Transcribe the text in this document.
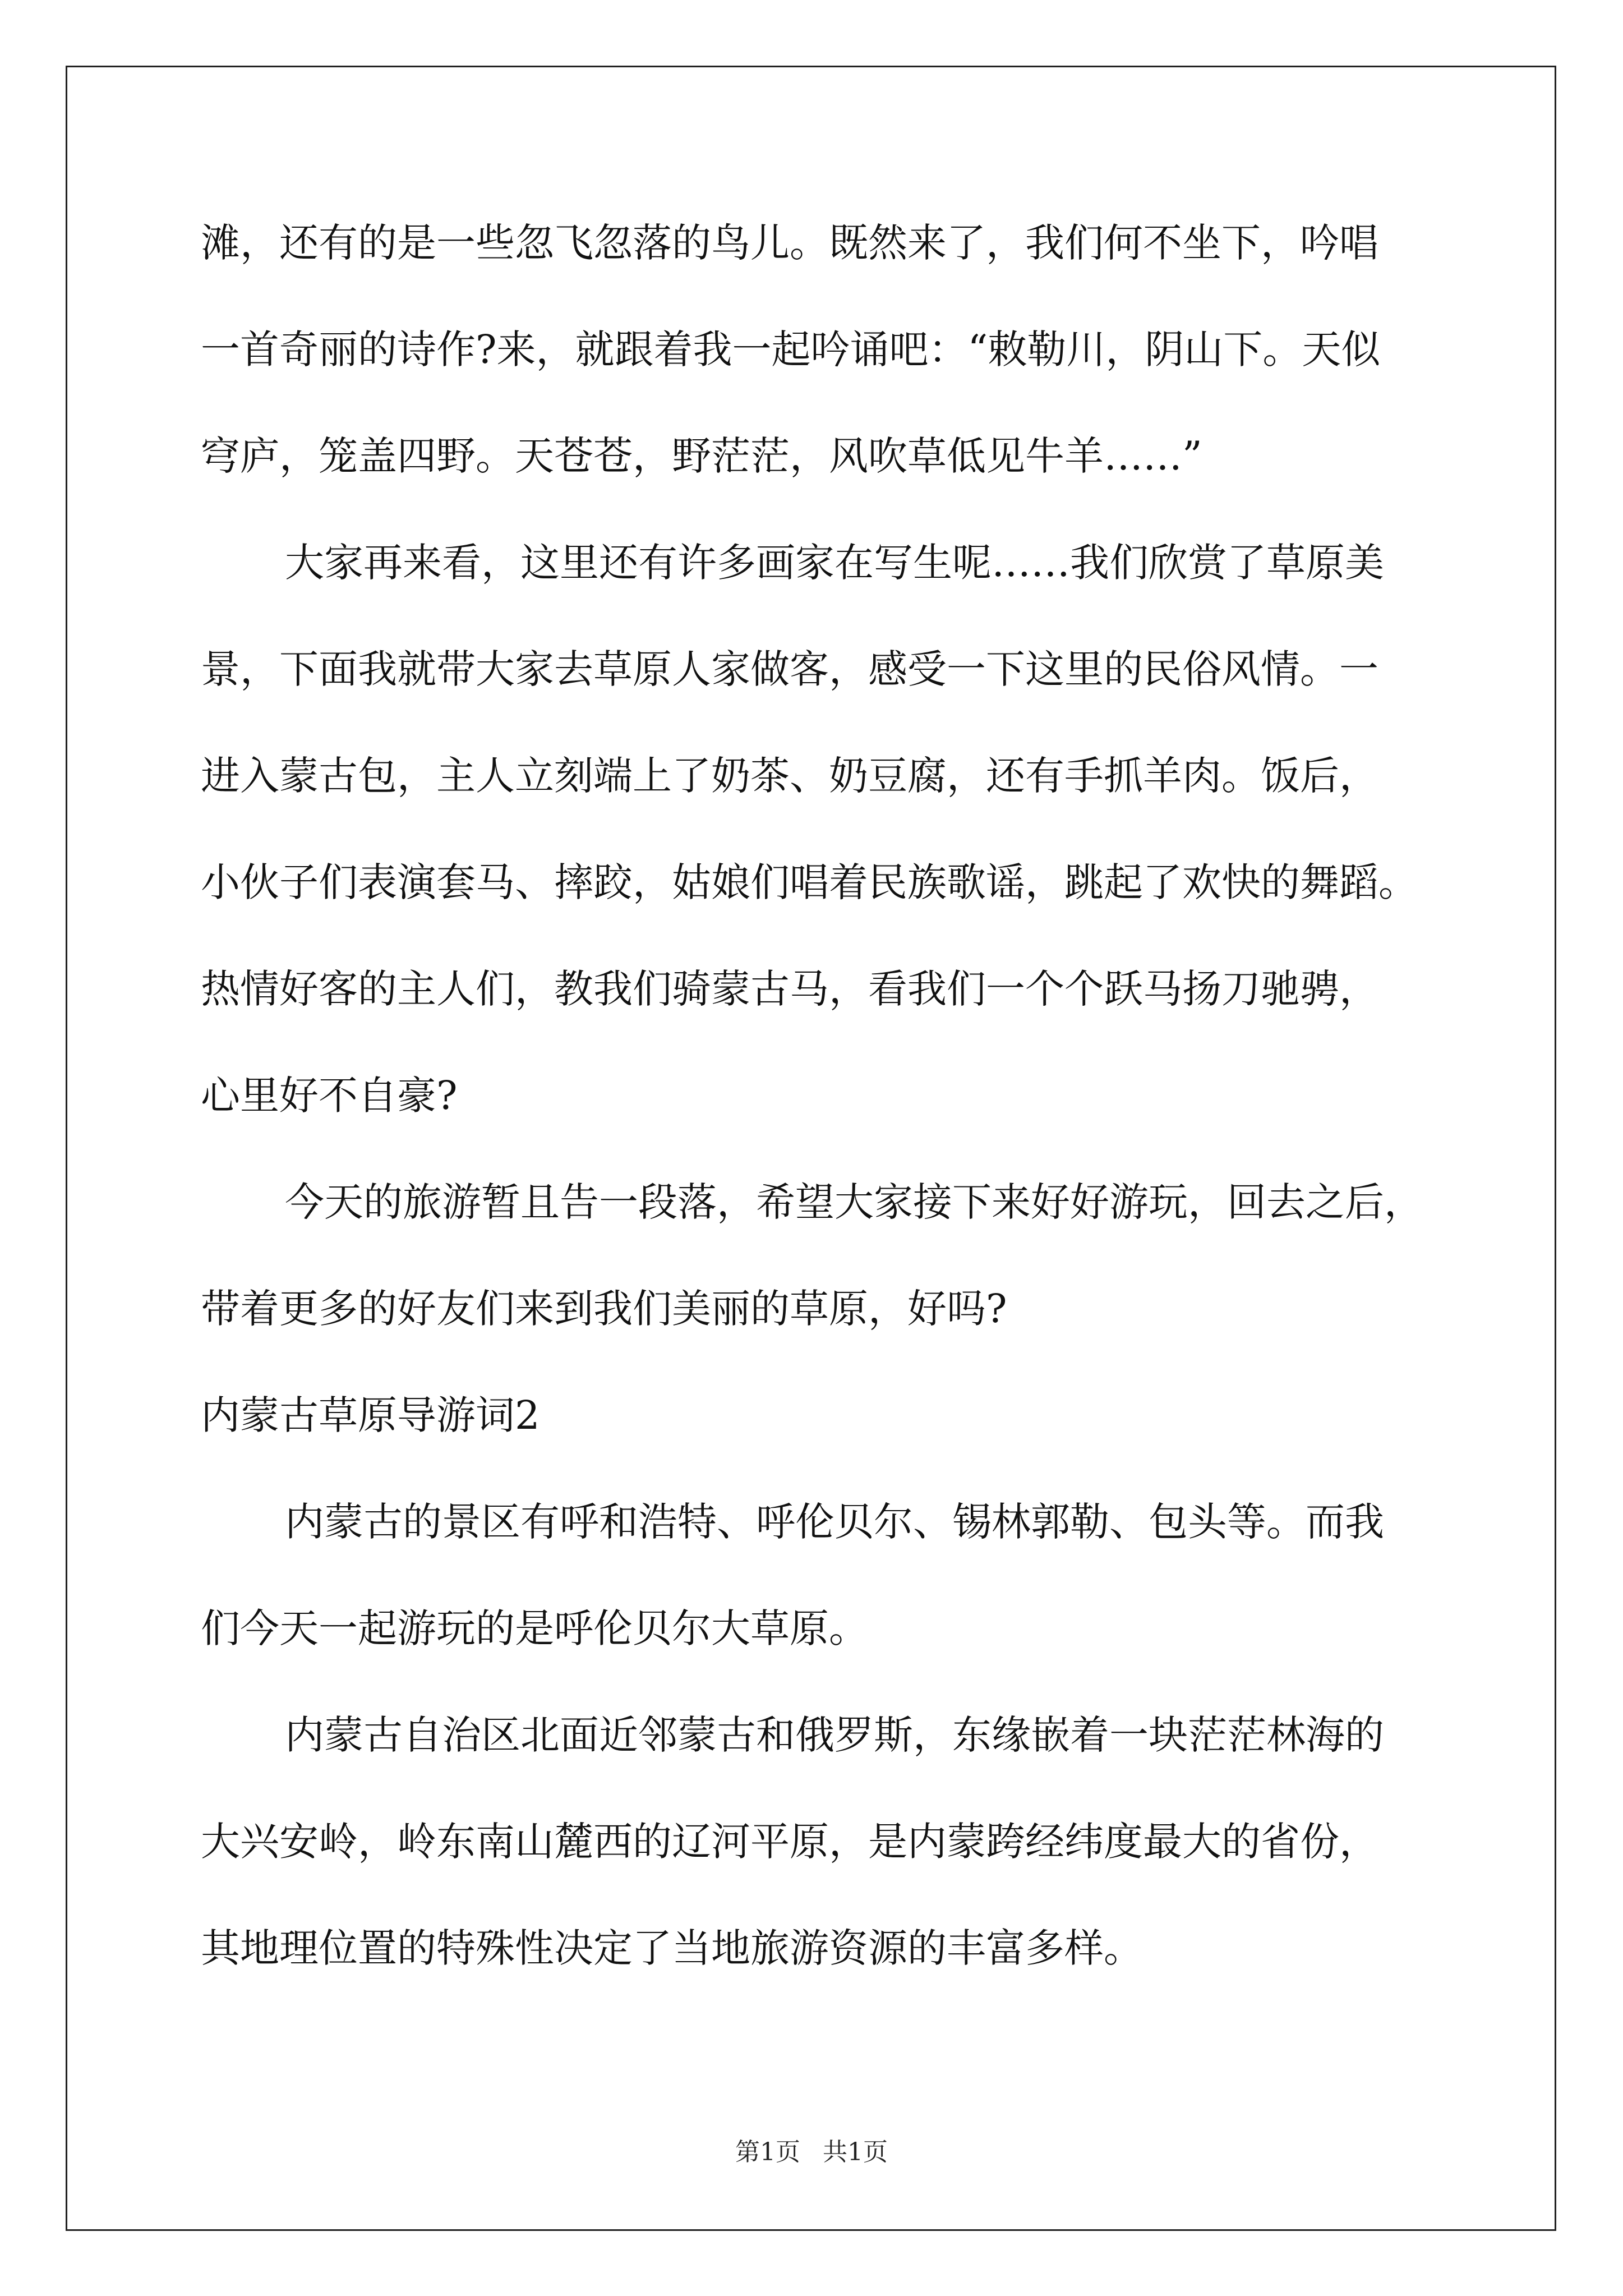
滩，还有的是一些忽飞忽落的鸟儿。既然来了，我们何不坐下，吟唱
一首奇丽的诗作?来，就跟着我一起吟诵吧：“敕勒川，阴山下。天似
穹庐，笼盖四野。天苍苍，野茫茫，风吹草低见牛羊……”
大家再来看，这里还有许多画家在写生呢……我们欣赏了草原美
景，下面我就带大家去草原人家做客，感受一下这里的民俗风情。一
进入蒙古包，主人立刻端上了奶茶、奶豆腐，还有手抓羊肉。饭后，
小伙子们表演套马、摔跤，姑娘们唱着民族歌谣，跳起了欢快的舞蹈。
热情好客的主人们，教我们骑蒙古马，看我们一个个跃马扬刀驰骋，
心里好不自豪?
今天的旅游暂且告一段落，希望大家接下来好好游玩，回去之后，
带着更多的好友们来到我们美丽的草原，好吗?
内蒙古草原导游词2
内蒙古的景区有呼和浩特、呼伦贝尔、锡林郭勒、包头等。而我
们今天一起游玩的是呼伦贝尔大草原。
内蒙古自治区北面近邻蒙古和俄罗斯，东缘嵌着一块茫茫林海的
大兴安岭，岭东南山麓西的辽河平原，是内蒙跨经纬度最大的省份，
其地理位置的特殊性决定了当地旅游资源的丰富多样。
第1页 共1页
